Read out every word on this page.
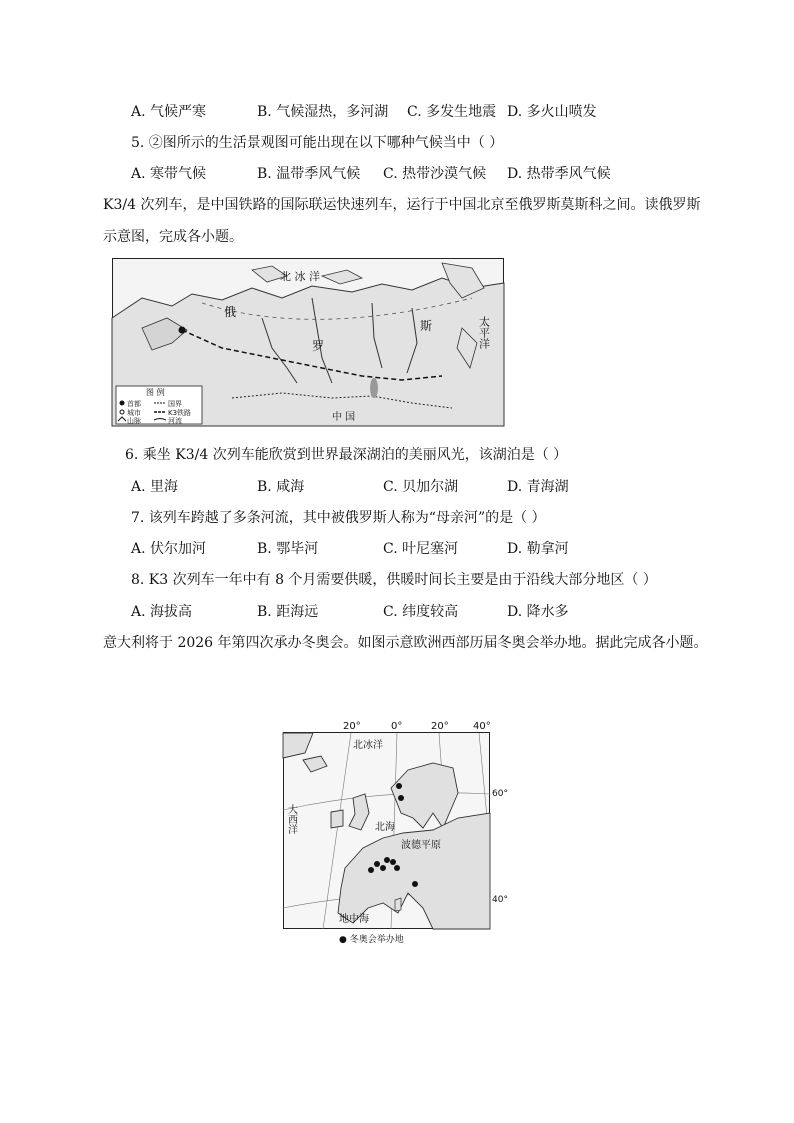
A. 气候严寒	B. 气候湿热，多河湖 C. 多发生地震 D. 多火山喷发
5. ②图所示的生活景观图可能出现在以下哪种气候当中（ ）
A. 寒带气候	B. 温带季风气候 C. 热带沙漠气候 D. 热带季风气候
K3/4 次列车，是中国铁路的国际联运快速列车，运行于中国北京至俄罗斯莫斯科之间。读俄罗斯
示意图，完成各小题。
北 冰 洋
太平洋
俄
罗
斯
中 国
图 例
首都	国界
城市	K3铁路
山脉	河流
6. 乘坐 K3/4 次列车能欣赏到世界最深湖泊的美丽风光，该湖泊是（ ）
A. 里海	B. 咸海	C. 贝加尔湖	D. 青海湖
7. 该列车跨越了多条河流，其中被俄罗斯人称为“母亲河”的是（ ）
A. 伏尔加河	B. 鄂毕河	C. 叶尼塞河	D. 勒拿河
8. K3 次列车一年中有 8 个月需要供暖，供暖时间长主要是由于沿线大部分地区（ ）
A. 海拔高	B. 距海远	C. 纬度较高	D. 降水多
意大利将于 2026 年第四次承办冬奥会。如图示意欧洲西部历届冬奥会举办地。据此完成各小题。
20°	0°	20° 40°
北冰洋
大西洋	北海
波德平原
地中海
60°
40°
● 冬奥会举办地
